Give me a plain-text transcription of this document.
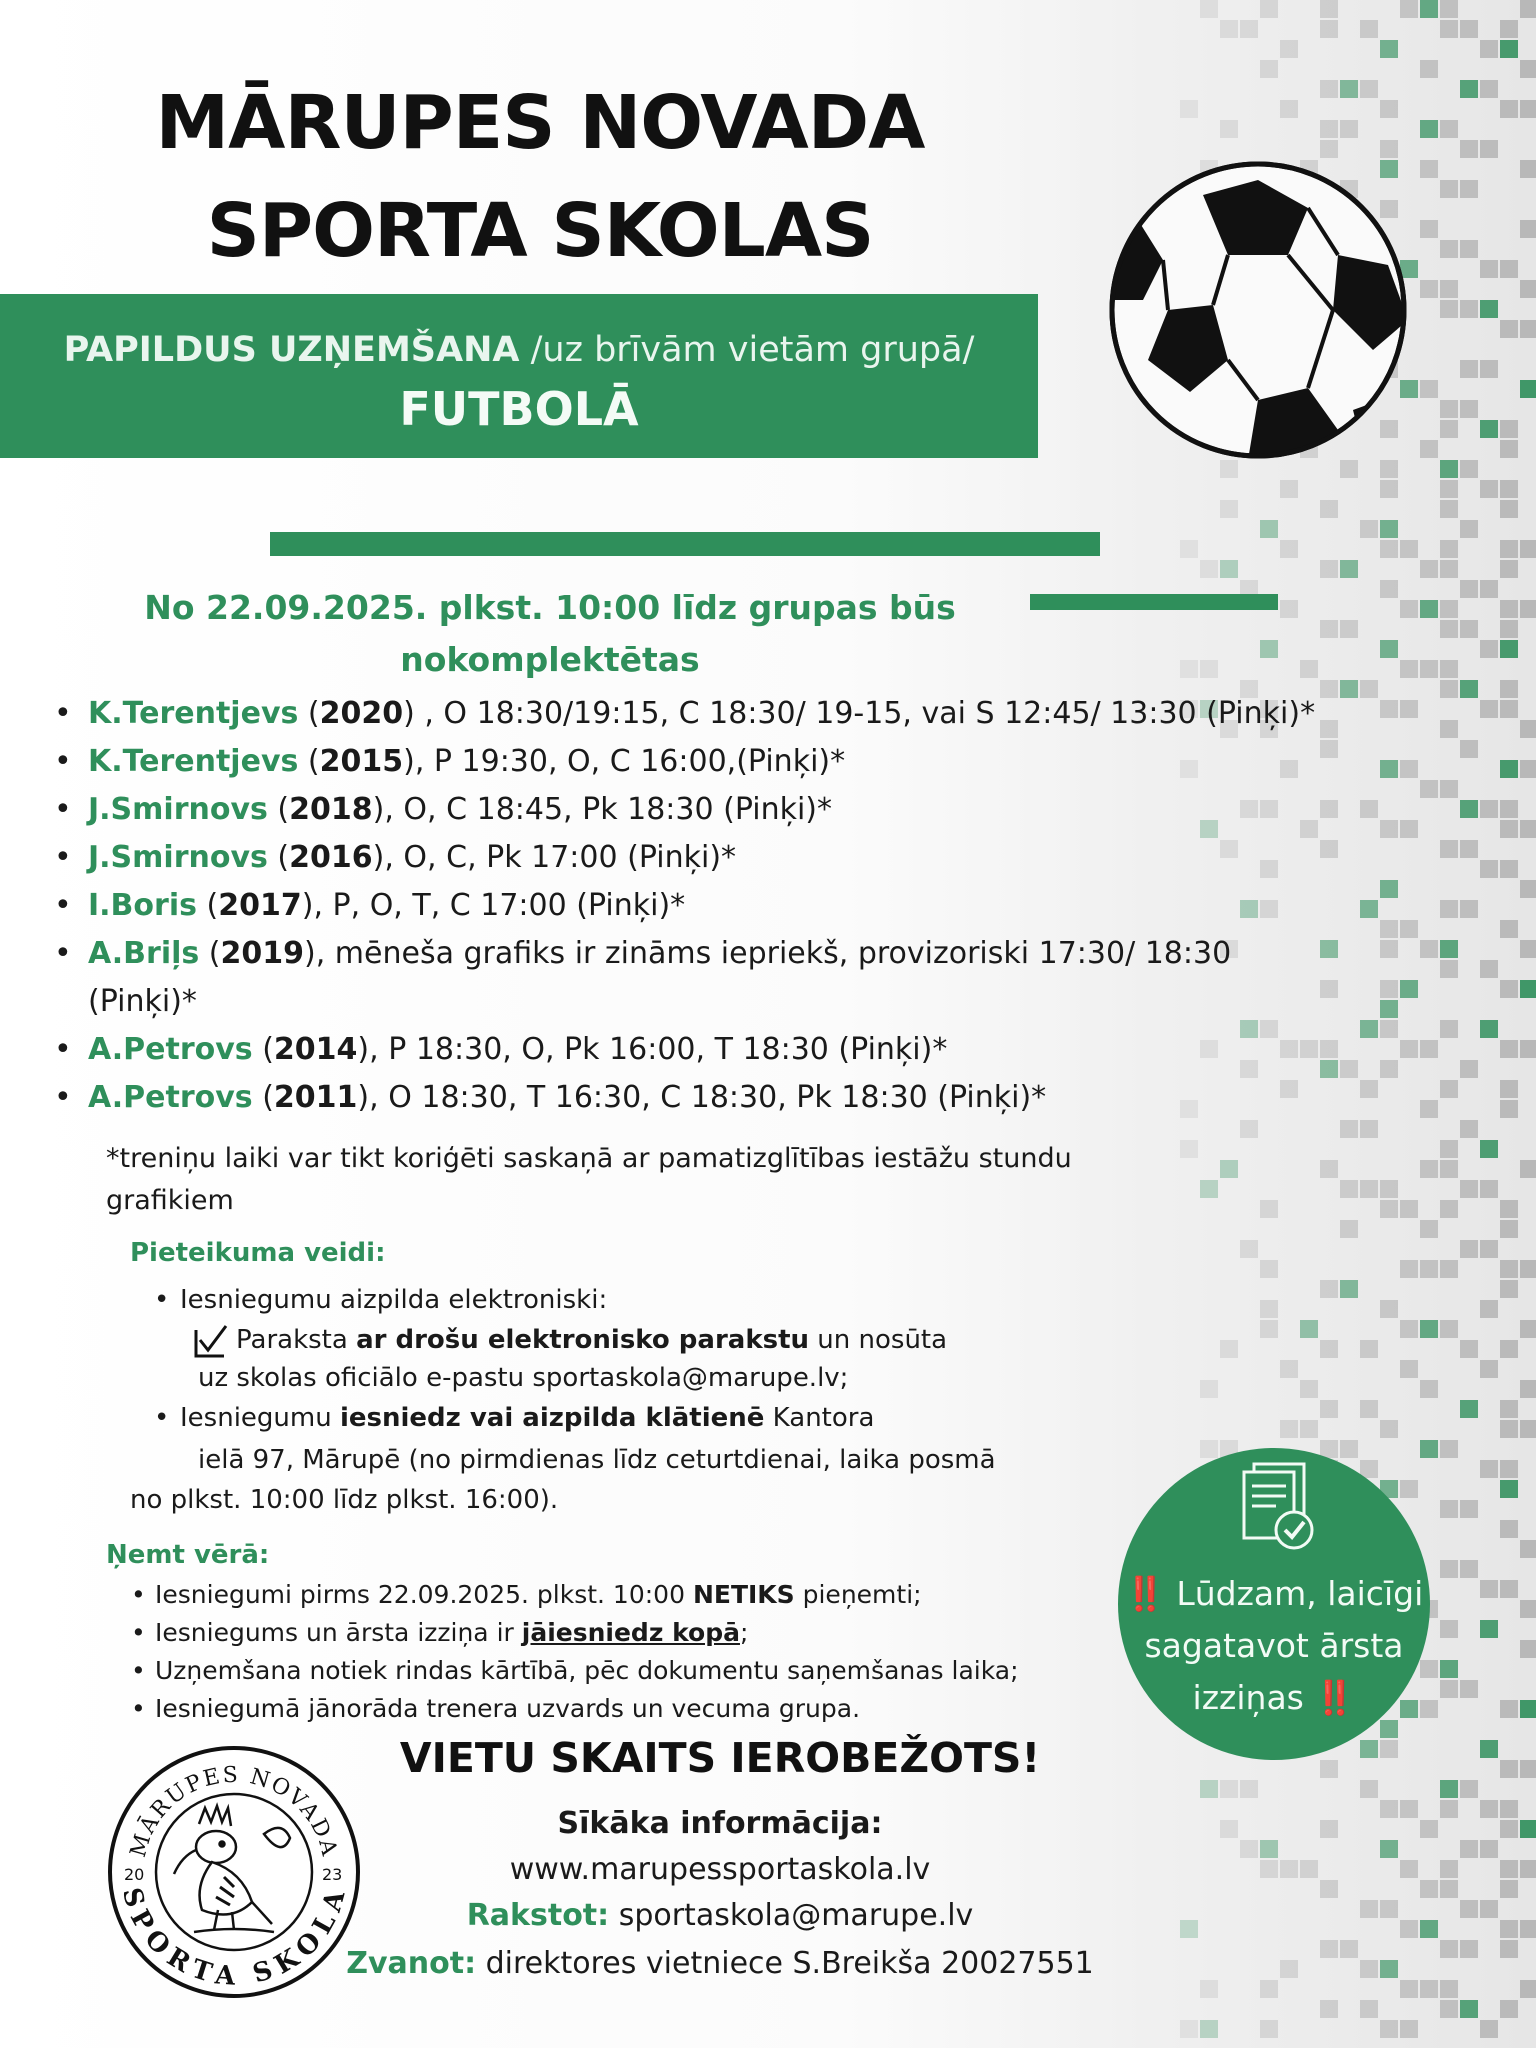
MĀRUPES NOVADA
SPORTA SKOLAS
PAPILDUS UZŅEMŠANA /uz brīvām vietām grupā/
FUTBOLĀ
No 22.09.2025. plkst. 10:00 līdz grupas būs
nokomplektētas
• K.Terentjevs (2020) , O 18:30/19:15, C 18:30/ 19-15, vai S 12:45/ 13:30 (Pinķi)*
• K.Terentjevs (2015), P 19:30, O, C 16:00,(Pinķi)*
• J.Smirnovs (2018), O, C 18:45, Pk 18:30 (Pinķi)*
• J.Smirnovs (2016), O, C, Pk 17:00 (Pinķi)*
• I.Boris (2017), P, O, T, C 17:00 (Pinķi)*
• A.Briļs (2019), mēneša grafiks ir zināms iepriekš, provizoriski 17:30/ 18:30 (Pinķi)*
• A.Petrovs (2014), P 18:30, O, Pk 16:00, T 18:30 (Pinķi)*
• A.Petrovs (2011), O 18:30, T 16:30, C 18:30, Pk 18:30 (Pinķi)*
*treniņu laiki var tikt koriģēti saskaņā ar pamatizglītības iestāžu stundu grafikiem
Pieteikuma veidi:
• Iesniegumu aizpilda elektroniski:
Paraksta ar drošu elektronisko parakstu un nosūta
uz skolas oficiālo e-pastu sportaskola@marupe.lv;
• Iesniegumu iesniedz vai aizpilda klātienē Kantora
ielā 97, Mārupē (no pirmdienas līdz ceturtdienai, laika posmā
no plkst. 10:00 līdz plkst. 16:00).
Ņemt vērā:
• Iesniegumi pirms 22.09.2025. plkst. 10:00 NETIKS pieņemti;
• Iesniegums un ārsta izziņa ir jāiesniedz kopā;
• Uzņemšana notiek rindas kārtībā, pēc dokumentu saņemšanas laika;
• Iesniegumā jānorāda trenera uzvards un vecuma grupa.
VIETU SKAITS IEROBEŽOTS!
Sīkāka informācija:
www.marupessportaskola.lv
Rakstot: sportaskola@marupe.lv
Zvanot: direktores vietniece S.Breikša 20027551
‼️ Lūdzam, laicīgi
sagatavot ārsta
izziņas ‼️
MĀRUPES NOVADA
SPORTA SKOLA
20	23
